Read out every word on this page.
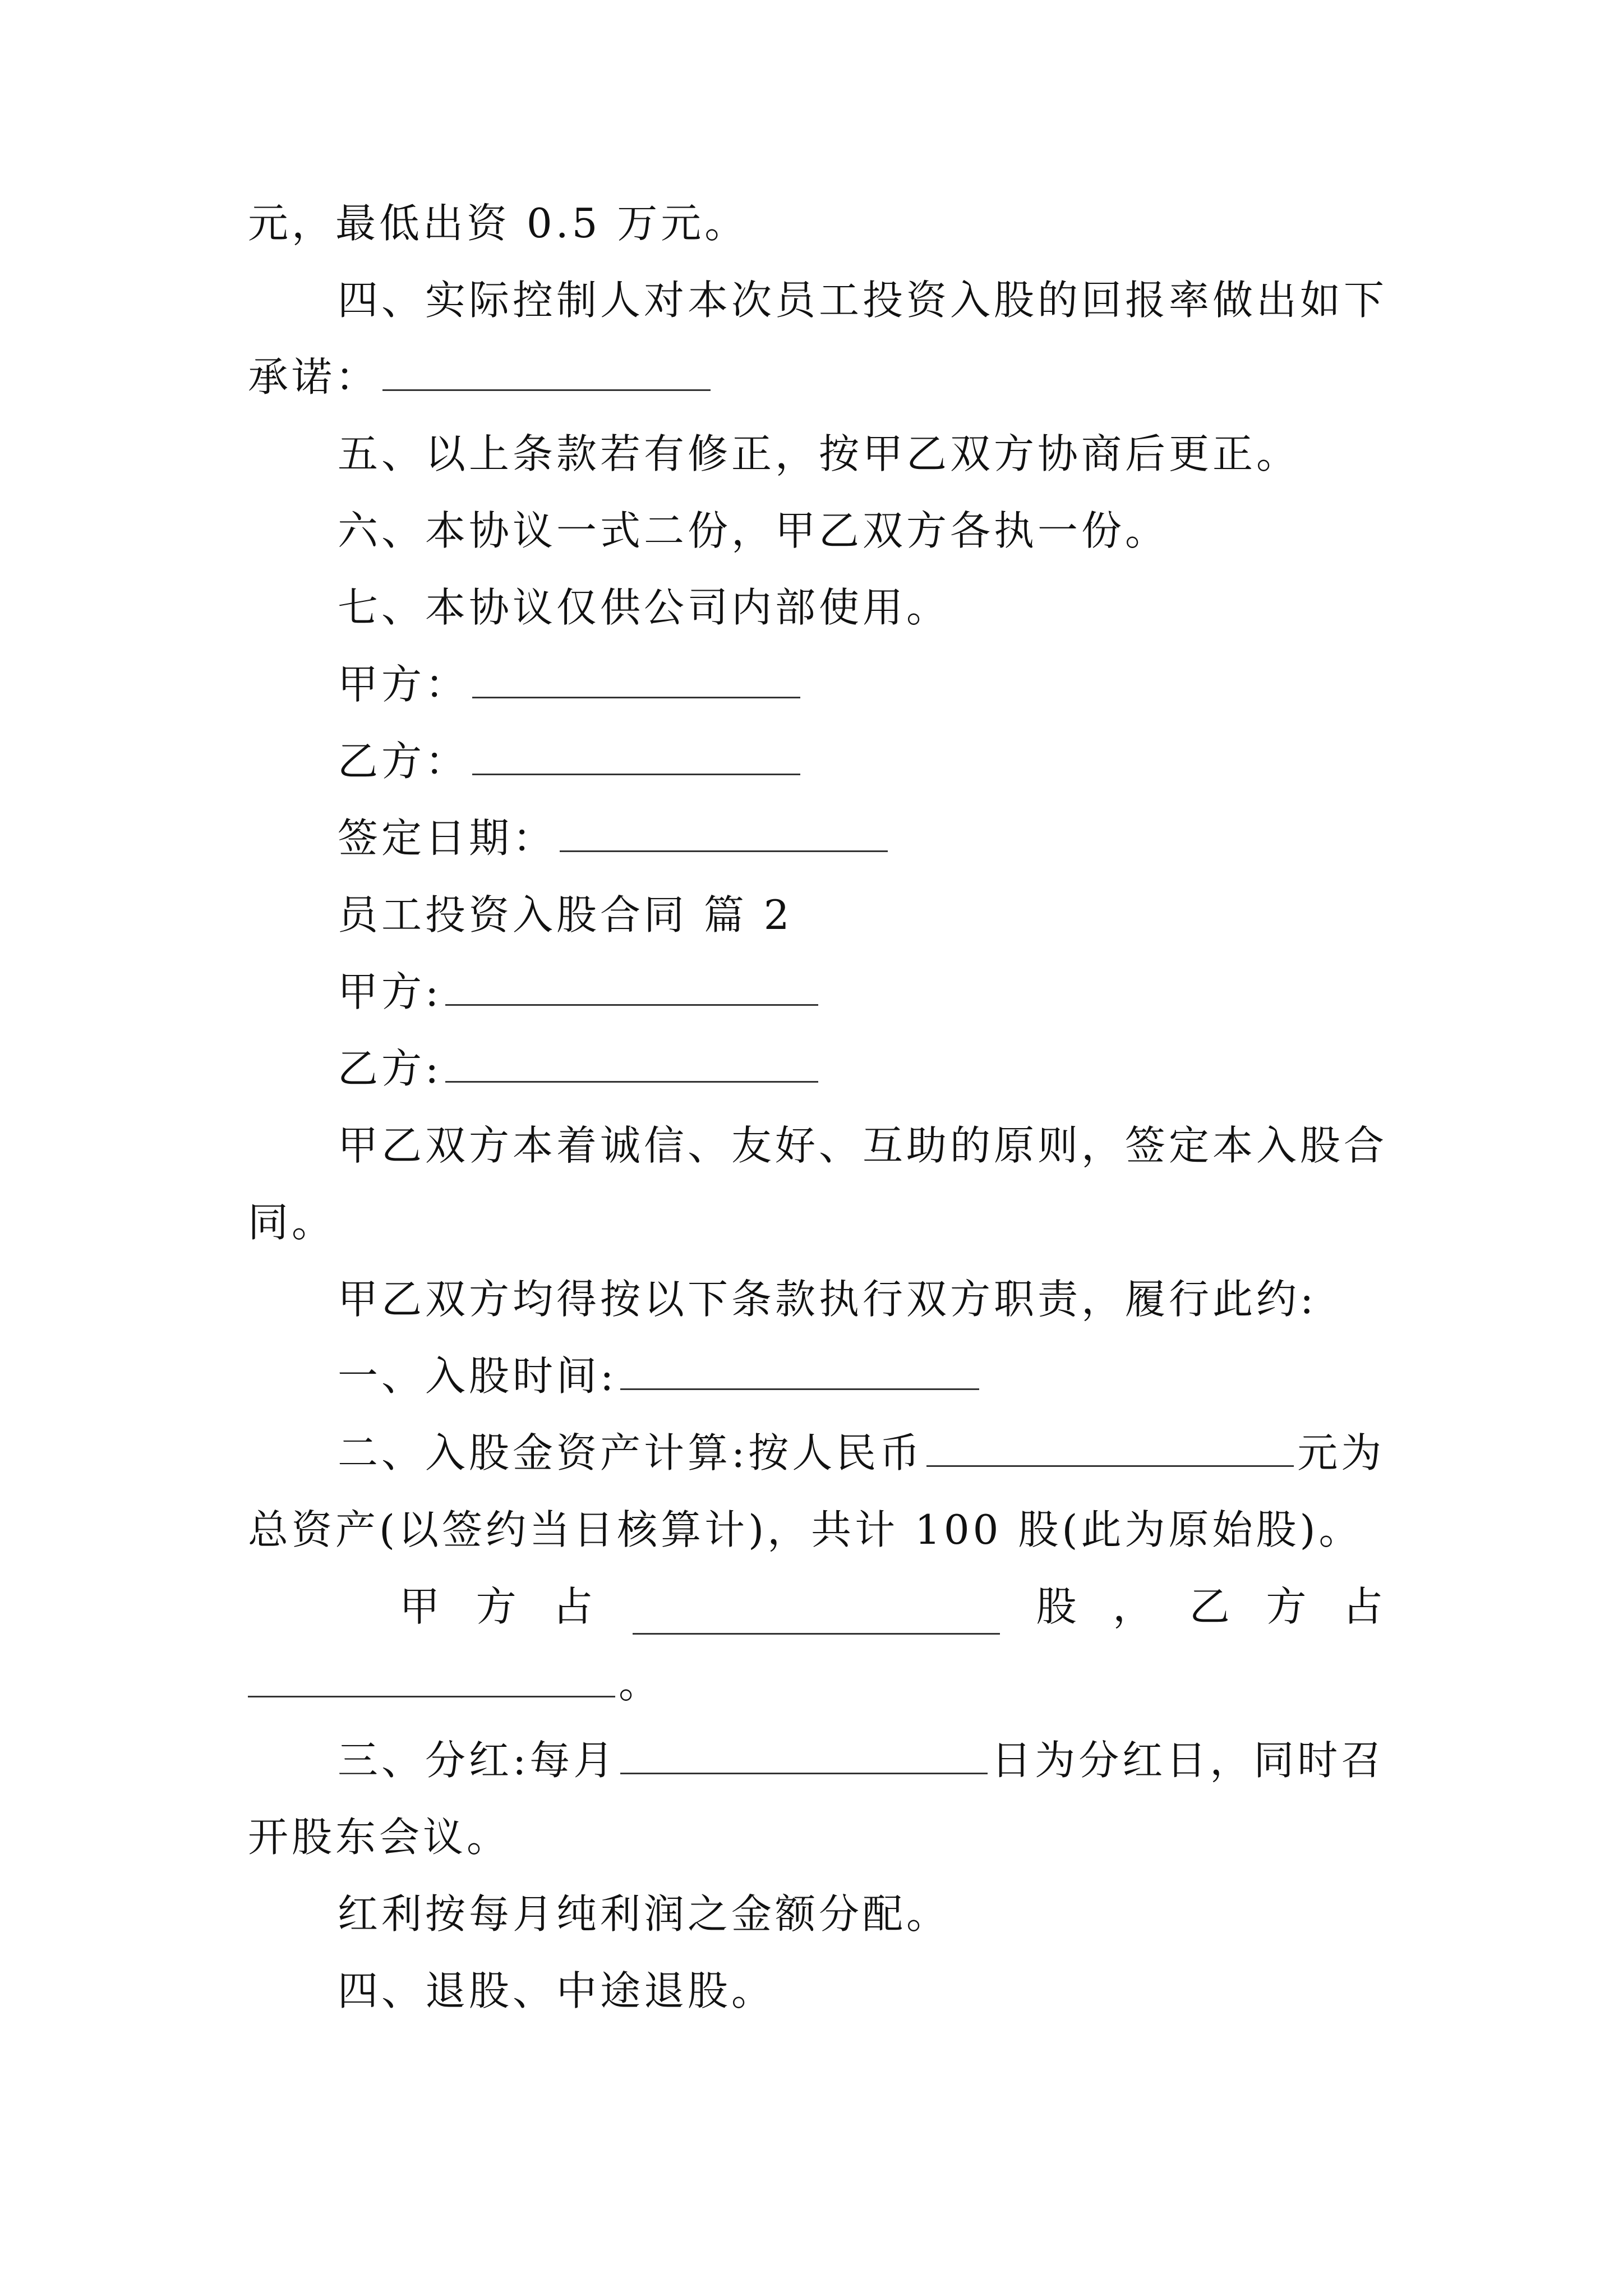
元，最低出资 0.5 万元。
四、实际控制人对本次员工投资入股的回报率做出如下
承诺：
五、以上条款若有修正，按甲乙双方协商后更正。
六、本协议一式二份，甲乙双方各执一份。
七、本协议仅供公司内部使用。
甲方：
乙方：
签定日期：
员工投资入股合同 篇 2
甲方:
乙方:
甲乙双方本着诚信、友好、互助的原则，签定本入股合
同。
甲乙双方均得按以下条款执行双方职责，履行此约:
一、入股时间:
二、入股金资产计算:按人民币	元为
总资产(以签约当日核算计)，共计 100 股(此为原始股)。
甲 方 占	股 ， 乙 方 占
。
三、分红:每月	日为分红日，同时召
开股东会议。
红利按每月纯利润之金额分配。
四、退股、中途退股。
